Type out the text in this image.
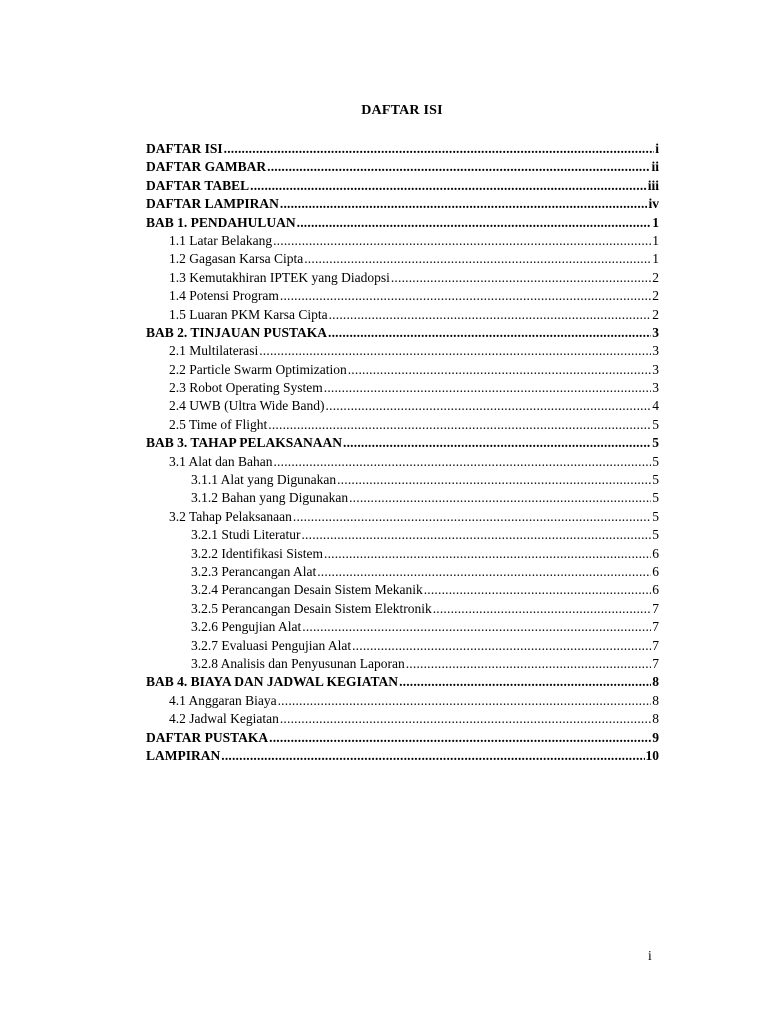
DAFTAR ISI
DAFTAR ISI .....	i
DAFTAR GAMBAR .....	ii
DAFTAR TABEL .....	iii
DAFTAR LAMPIRAN .....	iv
BAB 1. PENDAHULUAN .....	1
1.1 Latar Belakang .....	1
1.2 Gagasan Karsa Cipta .....	1
1.3 Kemutakhiran IPTEK yang Diadopsi .....	2
1.4 Potensi Program .....	2
1.5 Luaran PKM Karsa Cipta .....	2
BAB 2. TINJAUAN PUSTAKA .....	3
2.1 Multilaterasi .....	3
2.2 Particle Swarm Optimization .....	3
2.3 Robot Operating System .....	3
2.4 UWB (Ultra Wide Band) .....	4
2.5 Time of Flight .....	5
BAB 3. TAHAP PELAKSANAAN .....	5
3.1 Alat dan Bahan .....	5
3.1.1 Alat yang Digunakan .....	5
3.1.2 Bahan yang Digunakan .....	5
3.2 Tahap Pelaksanaan .....	5
3.2.1 Studi Literatur .....	5
3.2.2 Identifikasi Sistem .....	6
3.2.3 Perancangan Alat .....	6
3.2.4 Perancangan Desain Sistem Mekanik .....	6
3.2.5 Perancangan Desain Sistem Elektronik .....	7
3.2.6 Pengujian Alat .....	7
3.2.7 Evaluasi Pengujian Alat .....	7
3.2.8 Analisis dan Penyusunan Laporan .....	7
BAB 4. BIAYA DAN JADWAL KEGIATAN .....	8
4.1 Anggaran Biaya .....	8
4.2 Jadwal Kegiatan .....	8
DAFTAR PUSTAKA .....	9
LAMPIRAN .....	10
i
